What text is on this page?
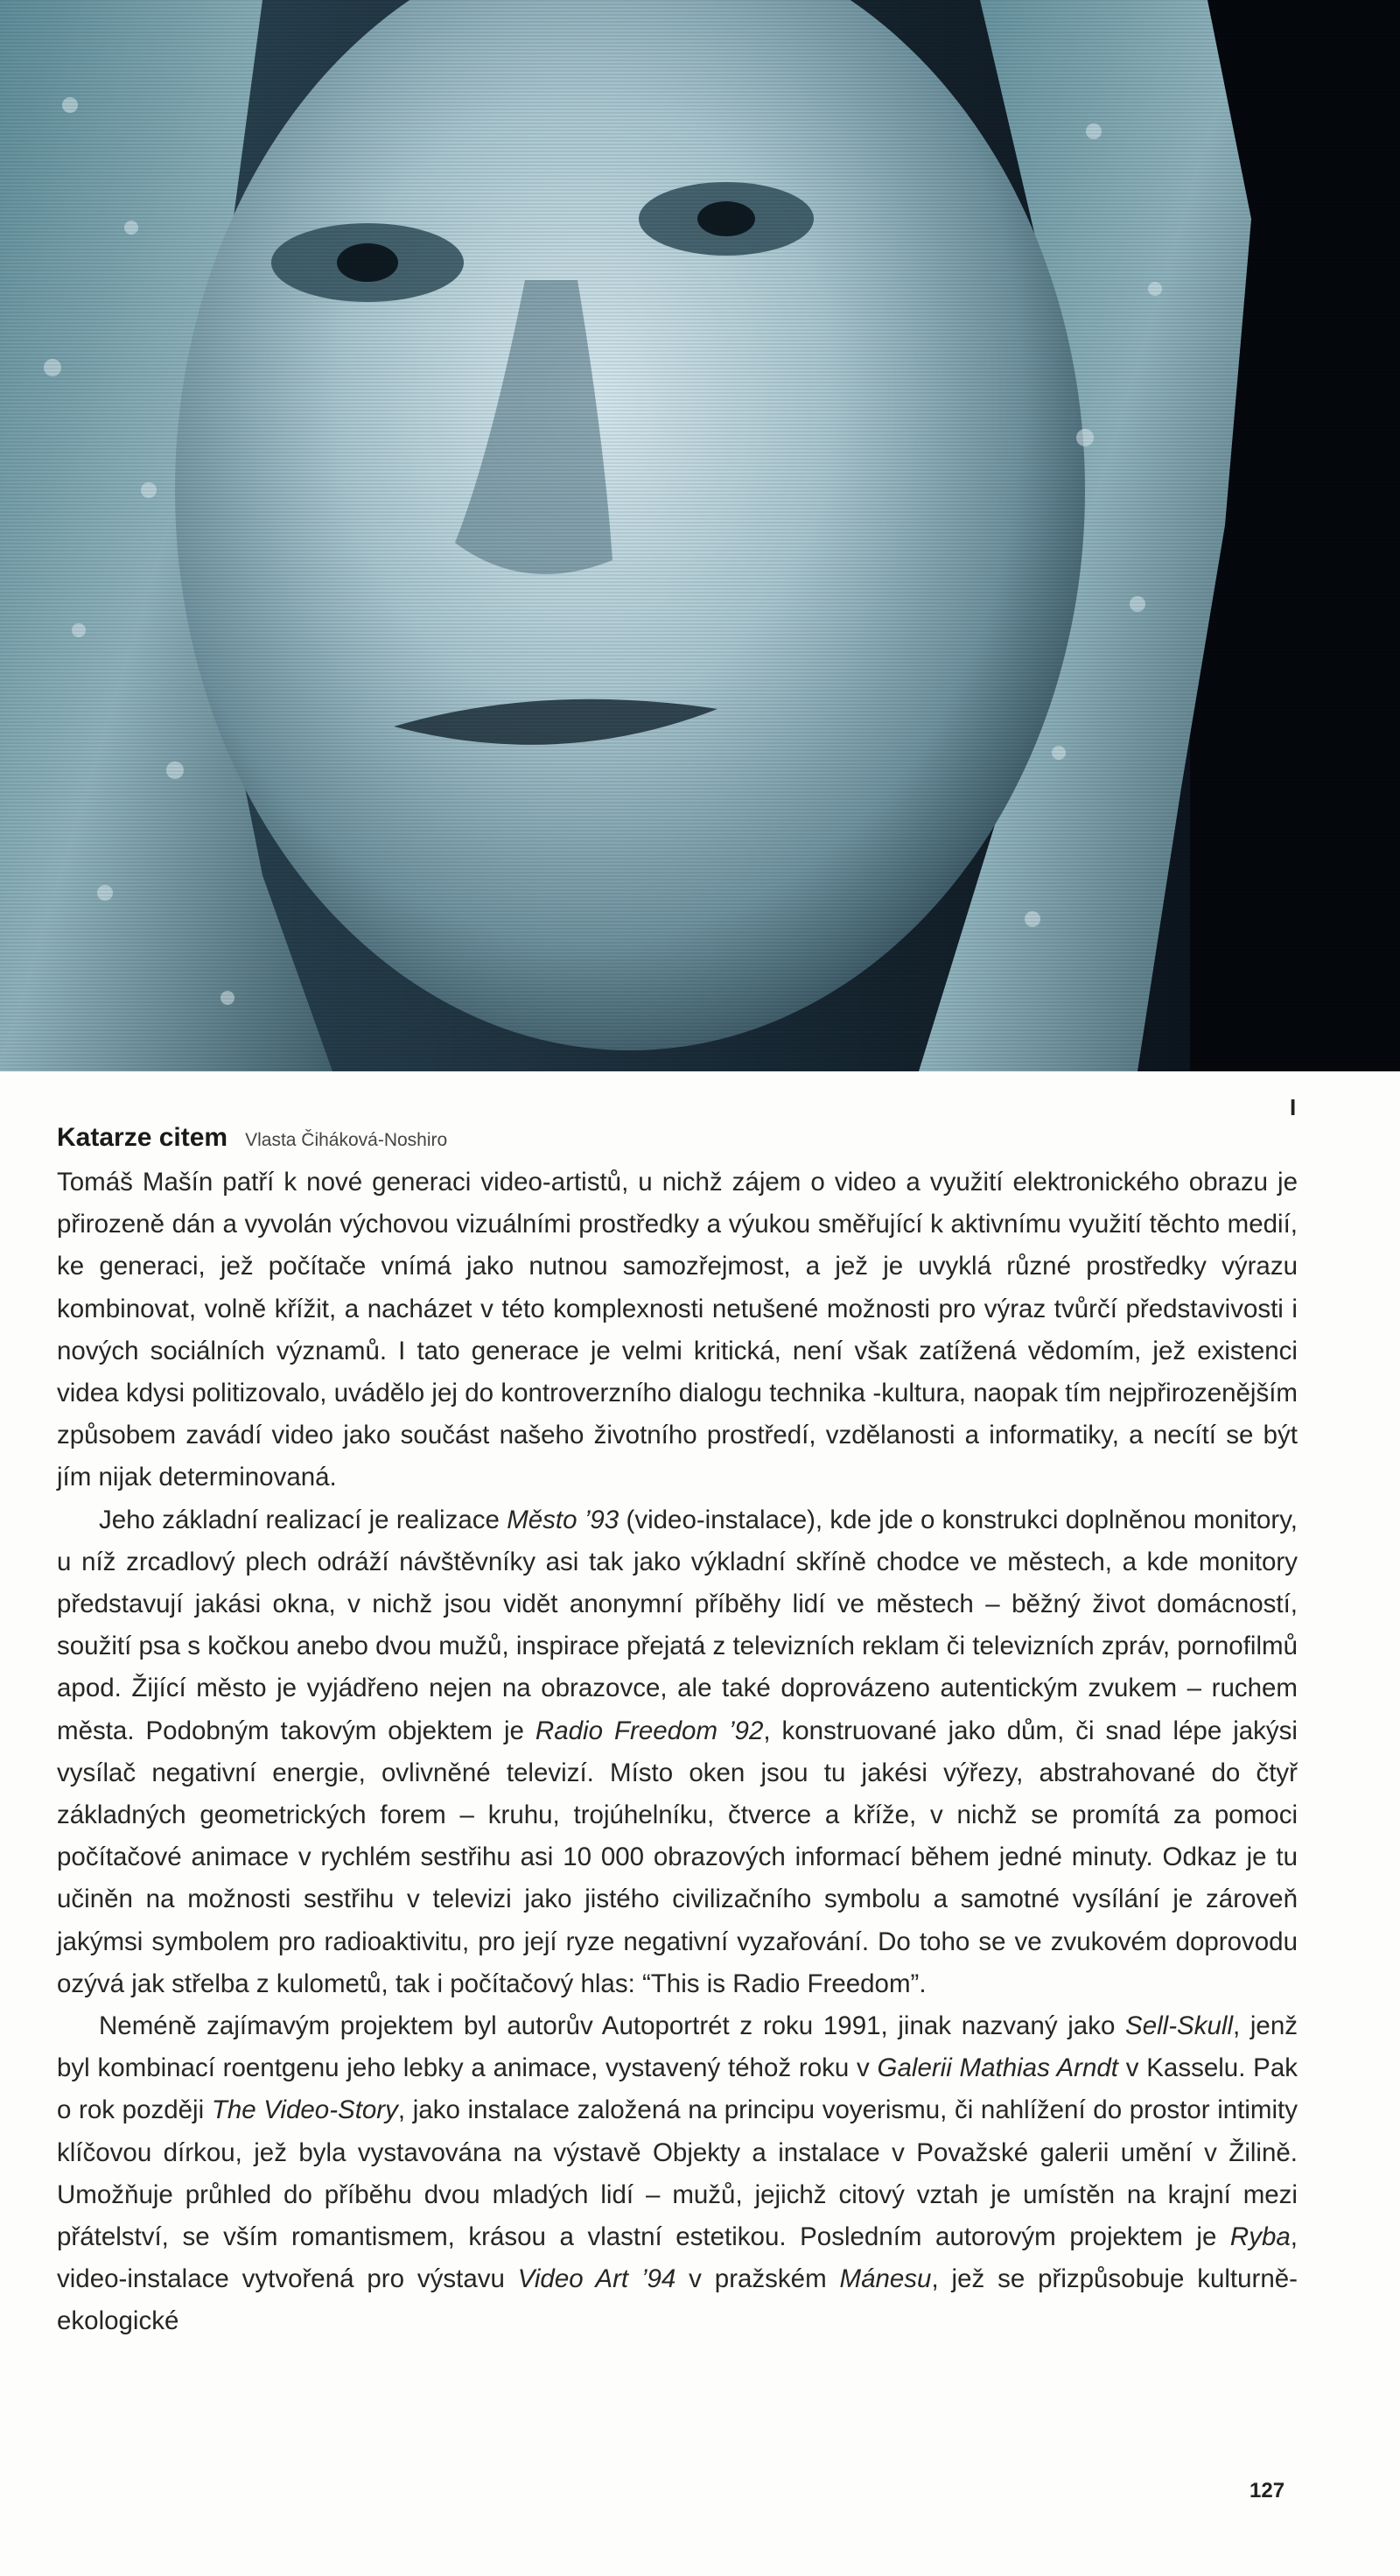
I
Katarze citem Vlasta Čiháková-Noshiro

Tomáš Mašín patří k nové generaci video-artistů, u nichž zájem o video a využití elektronického obrazu je přirozeně dán a vyvolán výchovou vizuálními prostředky a výukou směřující k aktivnímu využití těchto medií, ke generaci, jež počítače vnímá jako nutnou samozřejmost, a jež je uvyklá různé prostředky výrazu kombinovat, volně křížit, a nacházet v této komplexnosti netušené možnosti pro výraz tvůrčí představivosti i nových sociálních významů. I tato generace je velmi kritická, není však zatížená vědomím, jež existenci videa kdysi politizovalo, uvádělo jej do kontroverzního dialogu technika -kultura, naopak tím nejpřirozenějším způsobem zavádí video jako součást našeho životního prostředí, vzdělanosti a informatiky, a necítí se být jím nijak determinovaná.

Jeho základní realizací je realizace Město ’93 (video-instalace), kde jde o konstrukci doplněnou monitory, u níž zrcadlový plech odráží návštěvníky asi tak jako výkladní skříně chodce ve městech, a kde monitory představují jakási okna, v nichž jsou vidět anonymní příběhy lidí ve městech – běžný život domácností, soužití psa s kočkou anebo dvou mužů, inspirace přejatá z televizních reklam či televizních zpráv, pornofilmů apod. Žijící město je vyjádřeno nejen na obrazovce, ale také doprovázeno autentickým zvukem – ruchem města. Podobným takovým objektem je Radio Freedom ’92, konstruované jako dům, či snad lépe jakýsi vysílač negativní energie, ovlivněné televizí. Místo oken jsou tu jakési výřezy, abstrahované do čtyř základných geometrických forem – kruhu, trojúhelníku, čtverce a kříže, v nichž se promítá za pomoci počítačové animace v rychlém sestřihu asi 10 000 obrazových informací během jedné minuty. Odkaz je tu učiněn na možnosti sestřihu v televizi jako jistého civilizačního symbolu a samotné vysílání je zároveň jakýmsi symbolem pro radioaktivitu, pro její ryze negativní vyzařování. Do toho se ve zvukovém doprovodu ozývá jak střelba z kulometů, tak i počítačový hlas: “This is Radio Freedom”.

Neméně zajímavým projektem byl autorův Autoportrét z roku 1991, jinak nazvaný jako Sell-Skull, jenž byl kombinací roentgenu jeho lebky a animace, vystavený téhož roku v Galerii Mathias Arndt v Kasselu. Pak o rok později The Video-Story, jako instalace založená na principu voyerismu, či nahlížení do prostor intimity klíčovou dírkou, jež byla vystavována na výstavě Objekty a instalace v Považské galerii umění v Žilině. Umožňuje průhled do příběhu dvou mladých lidí – mužů, jejichž citový vztah je umístěn na krajní mezi přátelství, se vším romantismem, krásou a vlastní estetikou. Posledním autorovým projektem je Ryba, video-instalace vytvořená pro výstavu Video Art ’94 v pražském Mánesu, jež se přizpůsobuje kulturně-ekologické

127
